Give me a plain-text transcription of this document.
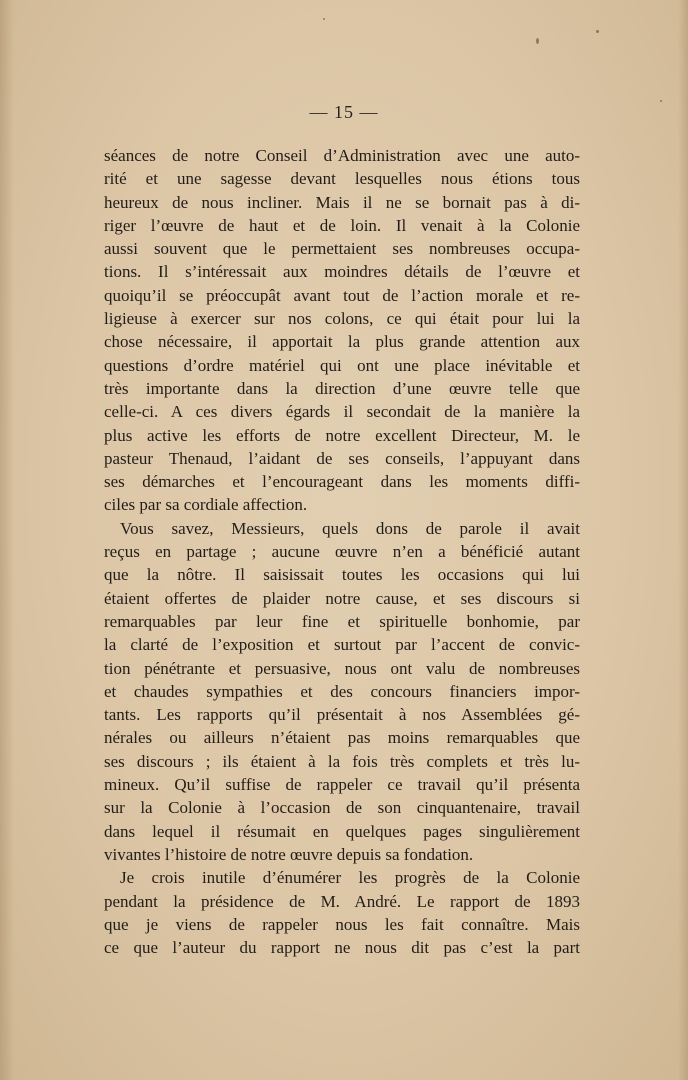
— 15 —
séances de notre Conseil d’Administration avec une auto-
rité et une sagesse devant lesquelles nous étions tous
heureux de nous incliner. Mais il ne se bornait pas à di-
riger l’œuvre de haut et de loin. Il venait à la Colonie
aussi souvent que le permettaient ses nombreuses occupa-
tions. Il s’intéressait aux moindres détails de l’œuvre et
quoiqu’il se préoccupât avant tout de l’action morale et re-
ligieuse à exercer sur nos colons, ce qui était pour lui la
chose nécessaire, il apportait la plus grande attention aux
questions d’ordre matériel qui ont une place inévitable et
très importante dans la direction d’une œuvre telle que
celle-ci. A ces divers égards il secondait de la manière la
plus active les efforts de notre excellent Directeur, M. le
pasteur Thenaud, l’aidant de ses conseils, l’appuyant dans
ses démarches et l’encourageant dans les moments diffi-
ciles par sa cordiale affection.
Vous savez, Messieurs, quels dons de parole il avait
reçus en partage ; aucune œuvre n’en a bénéficié autant
que la nôtre. Il saisissait toutes les occasions qui lui
étaient offertes de plaider notre cause, et ses discours si
remarquables par leur fine et spirituelle bonhomie, par
la clarté de l’exposition et surtout par l’accent de convic-
tion pénétrante et persuasive, nous ont valu de nombreuses
et chaudes sympathies et des concours financiers impor-
tants. Les rapports qu’il présentait à nos Assemblées gé-
nérales ou ailleurs n’étaient pas moins remarquables que
ses discours ; ils étaient à la fois très complets et très lu-
mineux. Qu’il suffise de rappeler ce travail qu’il présenta
sur la Colonie à l’occasion de son cinquantenaire, travail
dans lequel il résumait en quelques pages singulièrement
vivantes l’histoire de notre œuvre depuis sa fondation.
Je crois inutile d’énumérer les progrès de la Colonie
pendant la présidence de M. André. Le rapport de 1893
que je viens de rappeler nous les fait connaître. Mais
ce que l’auteur du rapport ne nous dit pas c’est la part
